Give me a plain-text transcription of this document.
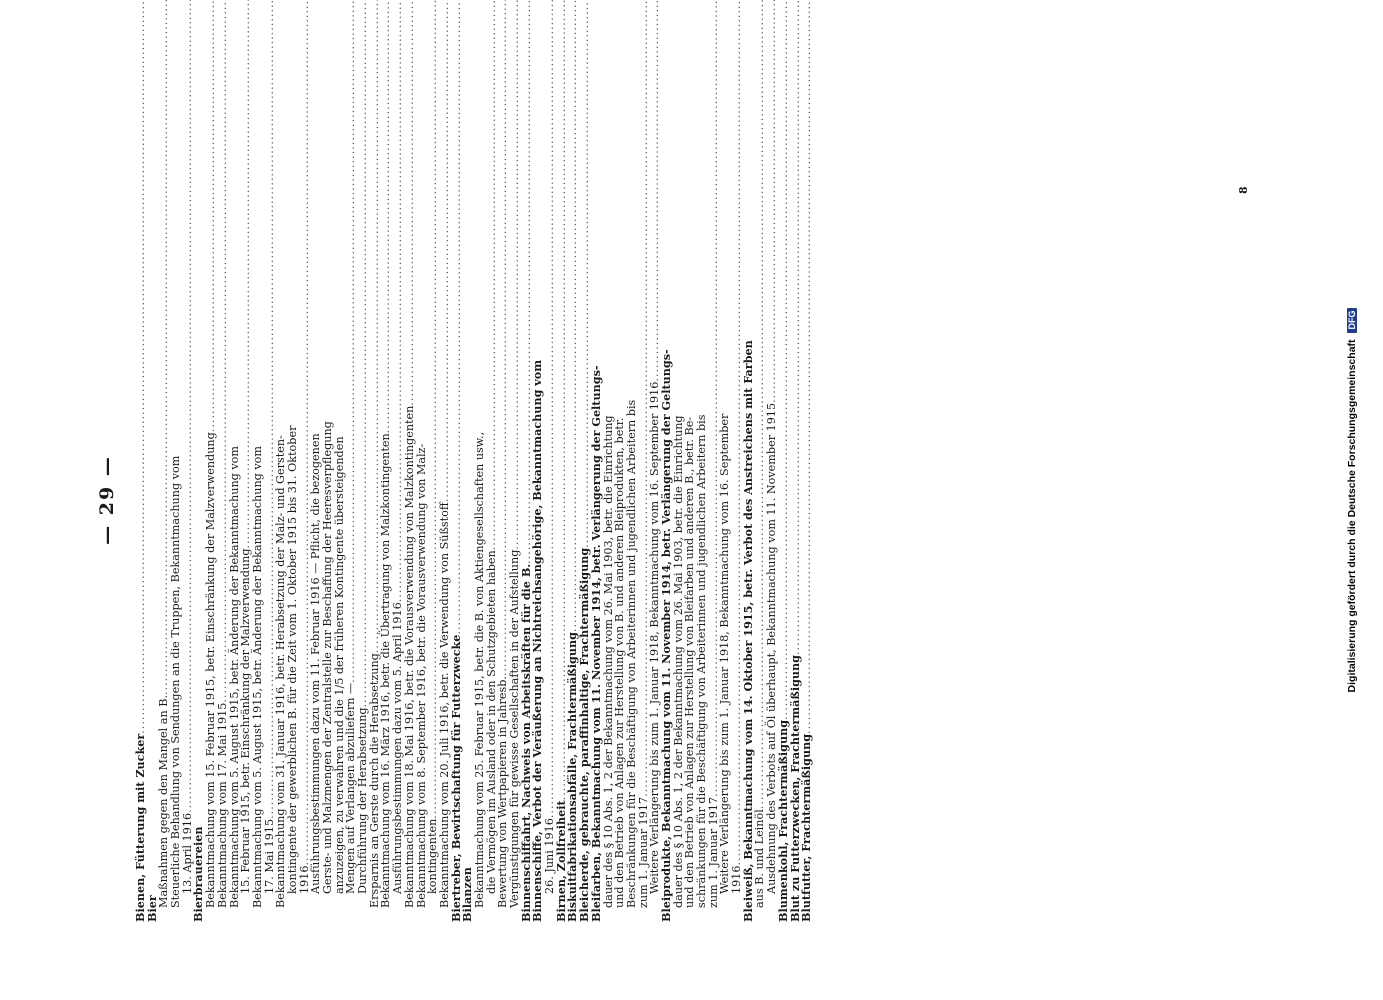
— 29 —
Bienen, Fütterung mit Zucker
.....
Bier
Maßnahmen gegen den Mangel an B.
.....
Steuerliche Behandlung von Sendungen an die Truppen, Bekanntmachung vom
13. April 1916
.....
Bierbrauereien
Bekanntmachung vom 15. Februar 1915, betr. Einschränkung der Malzverwendung
.....
Bekanntmachung vom 17. Mai 1915
.....
Bekanntmachung vom 5. August 1915, betr. Änderung der Bekanntmachung vom
15. Februar 1915, betr. Einschränkung der Malzverwendung
.....
Bekanntmachung vom 5. August 1915, betr. Änderung der Bekanntmachung vom
17. Mai 1915
.....
Bekanntmachung vom 31. Januar 1916, betr. Herabsetzung der Malz- und Gersten-
kontingente der gewerblichen B. für die Zeit vom 1. Oktober 1915 bis 31. Oktober
1916
.....
Ausführungsbestimmungen dazu vom 11. Februar 1916 — Pflicht, die bezogenen
Gerste- und Malzmengen der Zentralstelle zur Beschaffung der Heeresverpflegung
anzuzeigen, zu verwahren und die 1/5 der früheren Kontingente übersteigenden
Mengen auf Verlangen abzuliefern —
.....
Durchführung der Herabsetzung
.....
Ersparnis an Gerste durch die Herabsetzung
.....
Bekanntmachung vom 16. März 1916, betr. die Übertragung von Malzkontingenten
.....
Ausführungsbestimmungen dazu vom 5. April 1916
.....
Bekanntmachung vom 18. Mai 1916, betr. die Vorausverwendung von Malzkontingenten
.....
Bekanntmachung vom 8. September 1916, betr. die Vorausverwendung von Malz-
kontingenten
.....
Bekanntmachung vom 20. Juli 1916, betr. die Verwendung von Süßstoff
.....
Biertreber, Bewirtschaftung für Futterzwecke
.....
Bilanzen
Bekanntmachung vom 25. Februar 1915, betr. die B. von Aktiengesellschaften usw.,
die Vermögen im Ausland oder in den Schutzgebieten haben
.....
Bewertung von Wertpapieren in Jahresb.
.....
Vergünstigungen für gewisse Gesellschaften in der Aufstellung
.....
Binnenschiffahrt, Nachweis von Arbeitskräften für die B.
.....
Binnenschiffe, Verbot der Veräußerung an Nichtreichsangehörige, Bekanntmachung vom
26. Juni 1916
.....
Birnen, Zollfreiheit
.....
Biskuitfabrikationsabfälle, Frachtermäßigung
.....
Bleicherde, gebrauchte, paraffinhaltige, Frachtermäßigung
.....
Bleifarben, Bekanntmachung vom 11. November 1914, betr. Verlängerung der Geltungs-
dauer des § 10 Abs. 1, 2 der Bekanntmachung vom 26. Mai 1903, betr. die Einrichtung
und den Betrieb von Anlagen zur Herstellung von B. und anderen Bleiprodukten, betr.
Beschränkungen für die Beschäftigung von Arbeiterinnen und jugendlichen Arbeitern bis
zum 1. Januar 1917
.....
Weitere Verlängerung bis zum 1. Januar 1918, Bekanntmachung vom 16. September 1916
.....
Bleiprodukte, Bekanntmachung vom 11. November 1914, betr. Verlängerung der Geltungs-
dauer des § 10 Abs. 1, 2 der Bekanntmachung vom 26. Mai 1903, betr. die Einrichtung
und den Betrieb von Anlagen zur Herstellung von Bleifarben und anderen B., betr. Be-
schränkungen für die Beschäftigung von Arbeiterinnen und jugendlichen Arbeitern bis
zum 1. Januar 1917
.....
Weitere Verlängerung bis zum 1. Januar 1918, Bekanntmachung vom 16. September
1916
.....
Bleiweiß, Bekanntmachung vom 14. Oktober 1915, betr. Verbot des Anstreichens mit Farben
aus B. und Leinöl
.....
Ausdehnung des Verbots auf Öl überhaupt, Bekanntmachung vom 11. November 1915
.....
Blumenkohl, Frachtermäßigung
.....
Blut zu Futterzwecken, Frachtermäßigung
.....
Blutfutter, Frachtermäßigung
.....
8
Digitalisierung gefördert durch die Deutsche Forschungsgemeinschaft DFG
